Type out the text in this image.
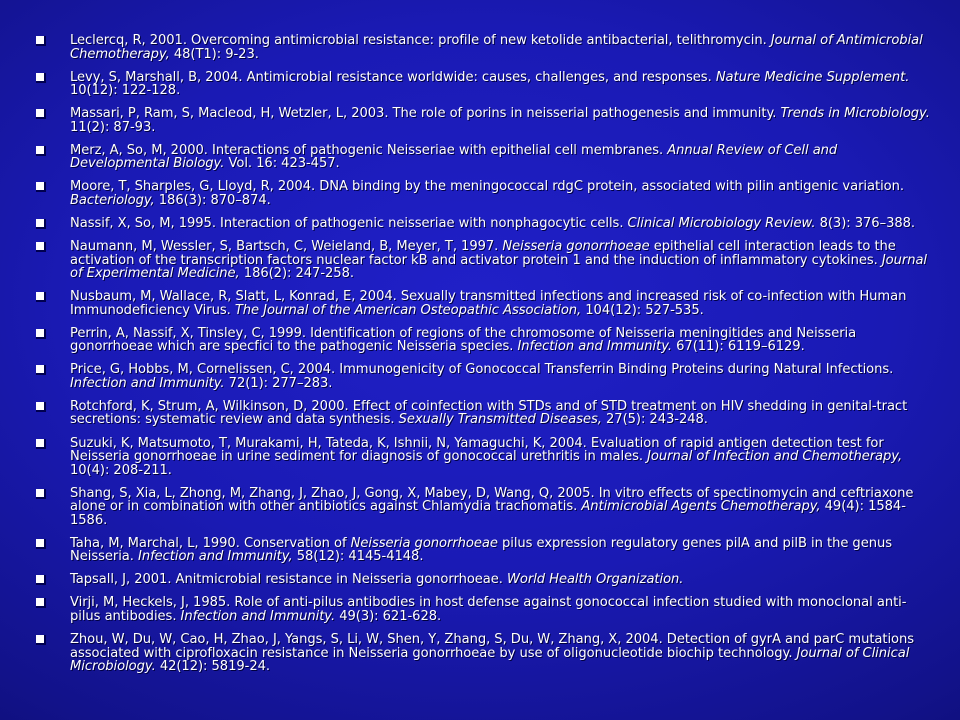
Leclercq, R, 2001. Overcoming antimicrobial resistance: profile of new ketolide antibacterial, telithromycin. Journal of Antimicrobial Chemotherapy, 48(T1): 9-23.
Levy, S, Marshall, B, 2004. Antimicrobial resistance worldwide: causes, challenges, and responses. Nature Medicine Supplement. 10(12): 122-128.
Massari, P, Ram, S, Macleod, H, Wetzler, L, 2003. The role of porins in neisserial pathogenesis and immunity. Trends in Microbiology. 11(2): 87-93.
Merz, A, So, M, 2000. Interactions of pathogenic Neisseriae with epithelial cell membranes. Annual Review of Cell and Developmental Biology. Vol. 16: 423-457.
Moore, T, Sharples, G, Lloyd, R, 2004. DNA binding by the meningococcal rdgC protein, associated with pilin antigenic variation. Bacteriology, 186(3): 870–874.
Nassif, X, So, M, 1995. Interaction of pathogenic neisseriae with nonphagocytic cells. Clinical Microbiology Review. 8(3): 376–388.
Naumann, M, Wessler, S, Bartsch, C, Weieland, B, Meyer, T, 1997. Neisseria gonorrhoeae epithelial cell interaction leads to the activation of the transcription factors nuclear factor kB and activator protein 1 and the induction of inflammatory cytokines. Journal of Experimental Medicine, 186(2): 247-258.
Nusbaum, M, Wallace, R, Slatt, L, Konrad, E, 2004. Sexually transmitted infections and increased risk of co-infection with Human Immunodeficiency Virus. The Journal of the American Osteopathic Association, 104(12): 527-535.
Perrin, A, Nassif, X, Tinsley, C, 1999. Identification of regions of the chromosome of Neisseria meningitides and Neisseria gonorrhoeae which are specfici to the pathogenic Neisseria species. Infection and Immunity. 67(11): 6119–6129.
Price, G, Hobbs, M, Cornelissen, C, 2004. Immunogenicity of Gonococcal Transferrin Binding Proteins during Natural Infections. Infection and Immunity. 72(1): 277–283.
Rotchford, K, Strum, A, Wilkinson, D, 2000. Effect of coinfection with STDs and of STD treatment on HIV shedding in genital-tract secretions: systematic review and data synthesis. Sexually Transmitted Diseases, 27(5): 243-248.
Suzuki, K, Matsumoto, T, Murakami, H, Tateda, K, Ishnii, N, Yamaguchi, K, 2004. Evaluation of rapid antigen detection test for Neisseria gonorrhoeae in urine sediment for diagnosis of gonococcal urethritis in males. Journal of Infection and Chemotherapy, 10(4): 208-211.
Shang, S, Xia, L, Zhong, M, Zhang, J, Zhao, J, Gong, X, Mabey, D, Wang, Q, 2005. In vitro effects of spectinomycin and ceftriaxone alone or in combination with other antibiotics against Chlamydia trachomatis. Antimicrobial Agents Chemotherapy, 49(4): 1584-1586.
Taha, M, Marchal, L, 1990. Conservation of Neisseria gonorrhoeae pilus expression regulatory genes pilA and pilB in the genus Neisseria. Infection and Immunity, 58(12): 4145-4148.
Tapsall, J, 2001. Anitmicrobial resistance in Neisseria gonorrhoeae. World Health Organization.
Virji, M, Heckels, J, 1985. Role of anti-pilus antibodies in host defense against gonococcal infection studied with monoclonal anti-pilus antibodies. Infection and Immunity. 49(3): 621-628.
Zhou, W, Du, W, Cao, H, Zhao, J, Yangs, S, Li, W, Shen, Y, Zhang, S, Du, W, Zhang, X, 2004. Detection of gyrA and parC mutations associated with ciprofloxacin resistance in Neisseria gonorrhoeae by use of oligonucleotide biochip technology. Journal of Clinical Microbiology. 42(12): 5819-24.
